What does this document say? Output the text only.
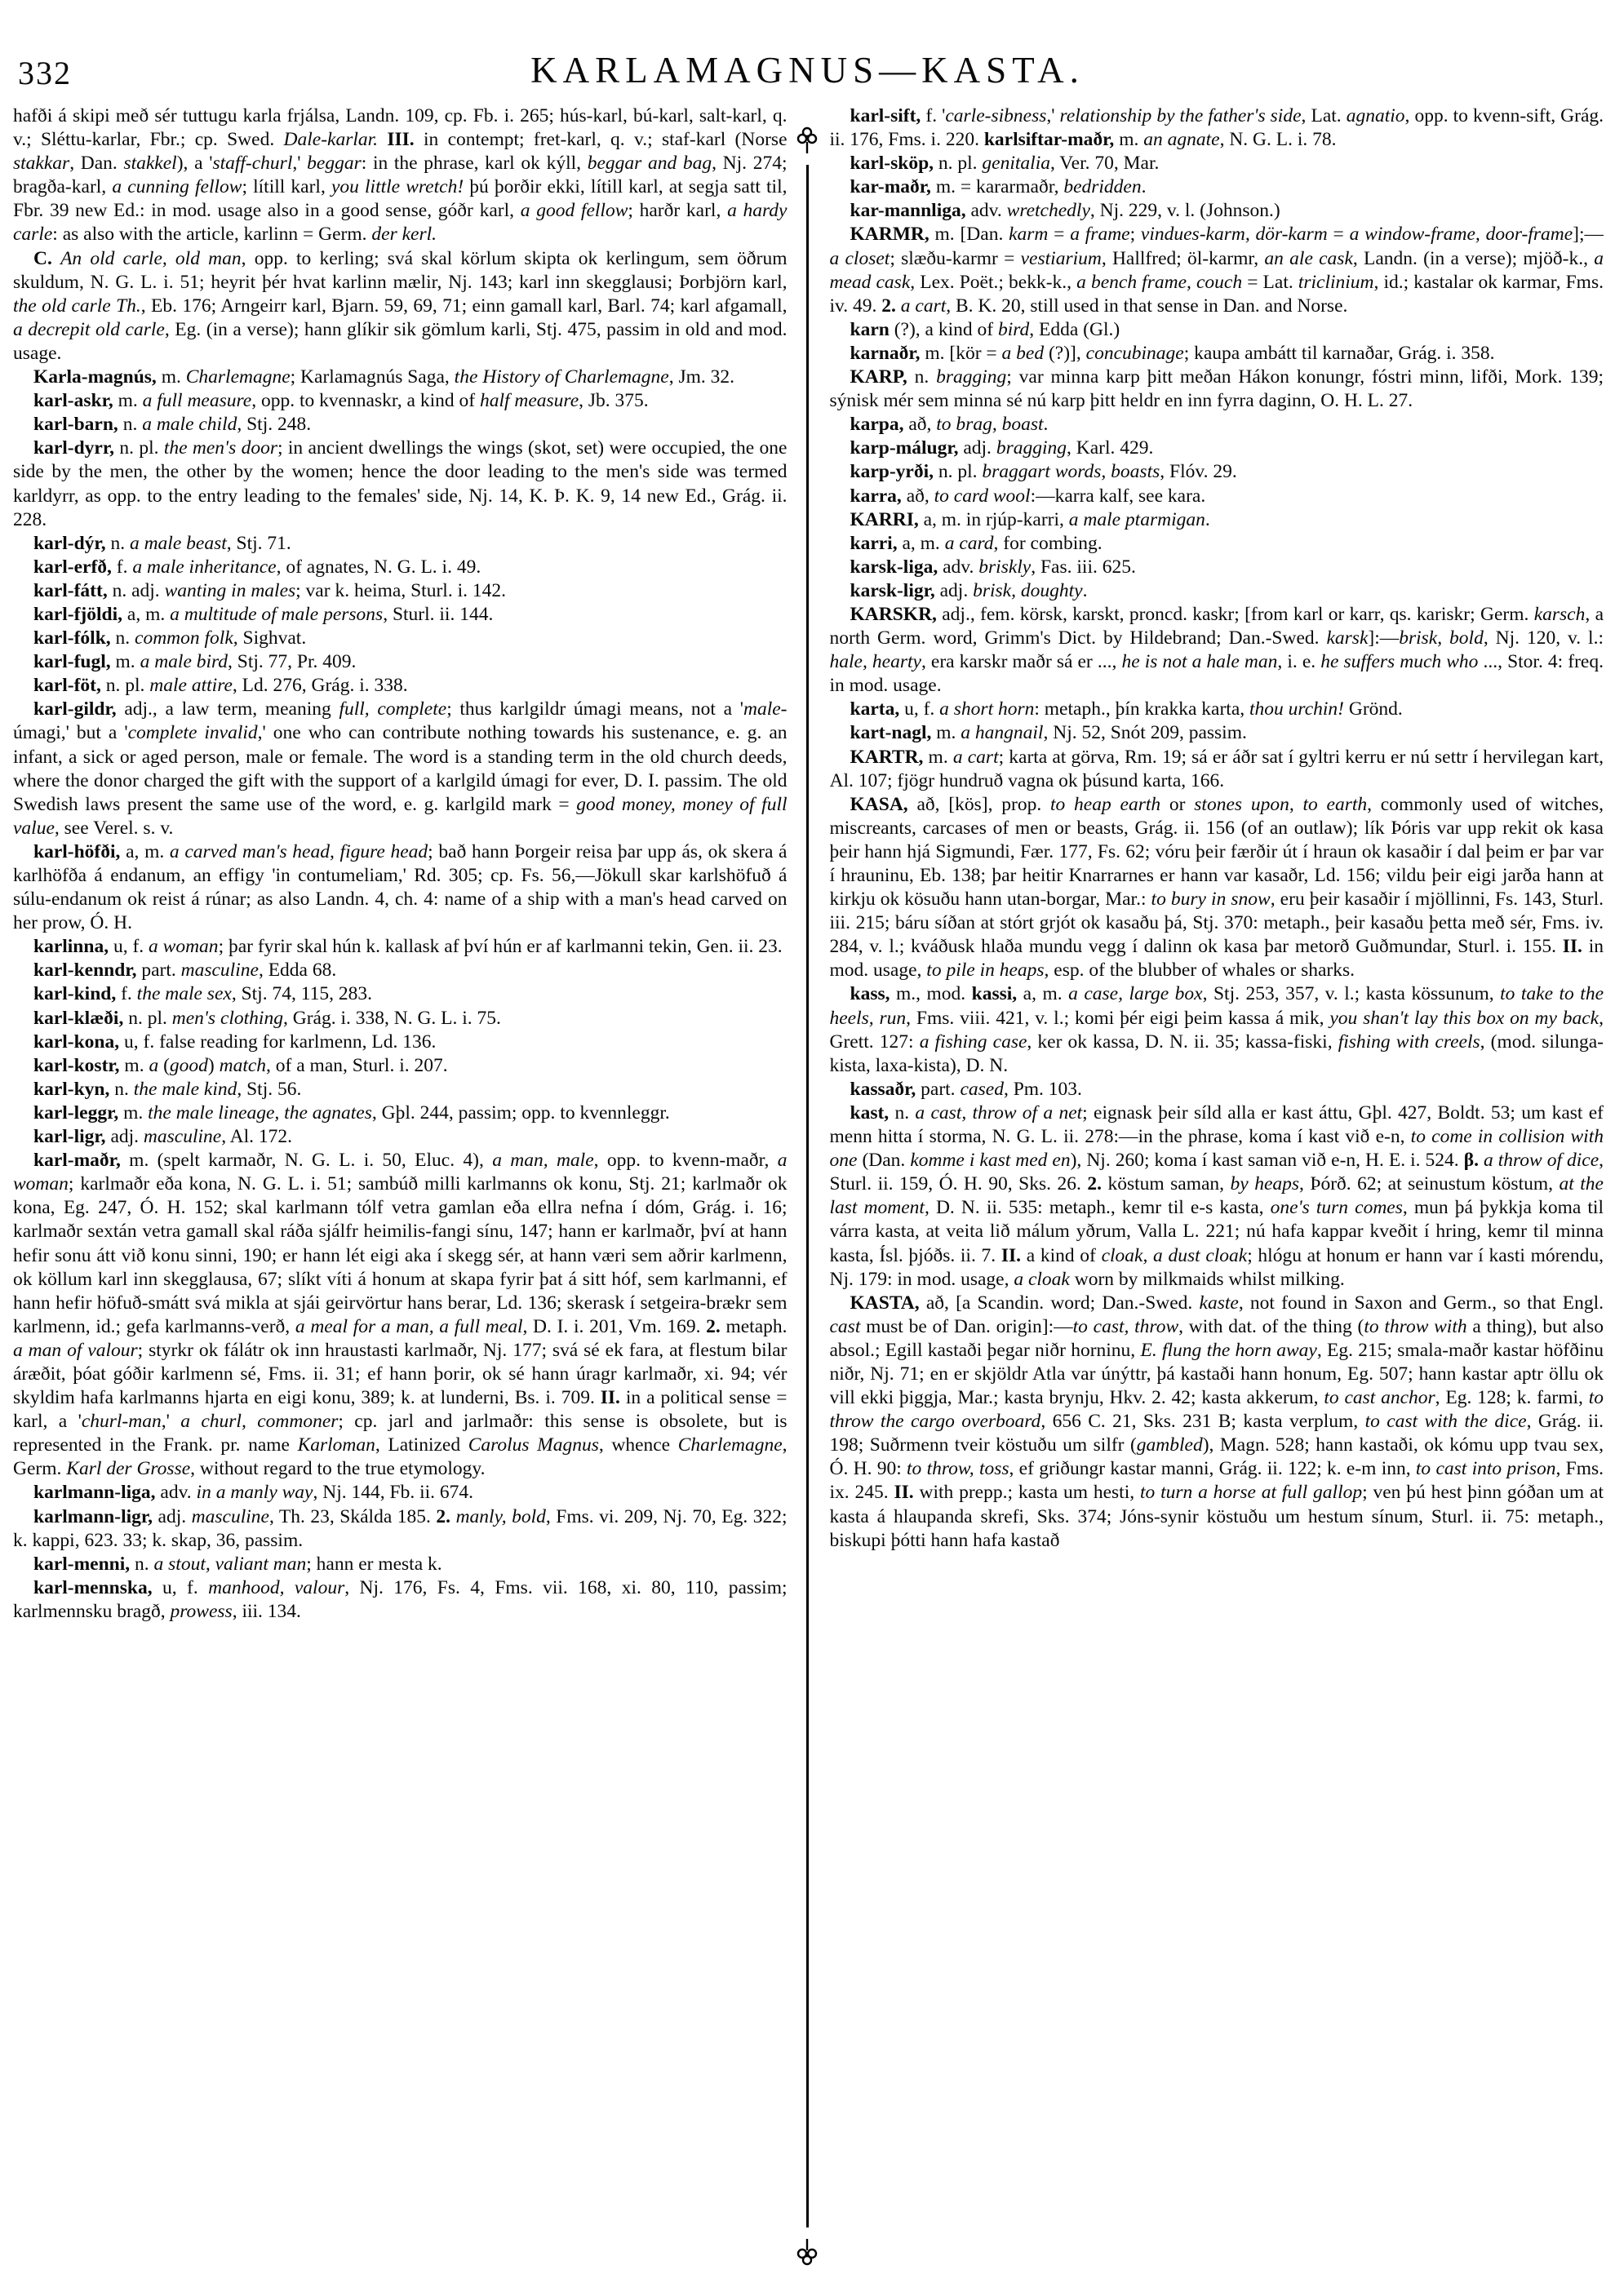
332	KARLAMAGNUS—KASTA.

hafði á skipi með sér tuttugu karla frjálsa, Landn. 109, cp. Fb. i. 265; hús-karl, bú-karl, salt-karl, q. v.; Sléttu-karlar, Fbr.; cp. Swed. Dale-karlar. III. in contempt; fret-karl, q. v.; staf-karl (Norse stakkar, Dan. stakkel), a 'staff-churl,' beggar: in the phrase, karl ok kýll, beggar and bag, Nj. 274; bragða-karl, a cunning fellow; lítill karl, you little wretch! þú þorðir ekki, lítill karl, at segja satt til, Fbr. 39 new Ed.: in mod. usage also in a good sense, góðr karl, a good fellow; harðr karl, a hardy carle: as also with the article, karlinn = Germ. der kerl.

C. An old carle, old man, opp. to kerling; svá skal körlum skipta ok kerlingum, sem öðrum skuldum, N. G. L. i. 51; heyrit þér hvat karlinn mælir, Nj. 143; karl inn skegglausi; Þorbjörn karl, the old carle Th., Eb. 176; Arngeirr karl, Bjarn. 59, 69, 71; einn gamall karl, Barl. 74; karl afgamall, a decrepit old carle, Eg. (in a verse); hann glíkir sik gömlum karli, Stj. 475, passim in old and mod. usage.

Karla-magnús, m. Charlemagne; Karlamagnús Saga, the History of Charlemagne, Jm. 32.

karl-askr, m. a full measure, opp. to kvennaskr, a kind of half measure, Jb. 375.

karl-barn, n. a male child, Stj. 248.

karl-dyrr, n. pl. the men's door; in ancient dwellings the wings (skot, set) were occupied, the one side by the men, the other by the women; hence the door leading to the men's side was termed karldyrr, as opp. to the entry leading to the females' side, Nj. 14, K. Þ. K. 9, 14 new Ed., Grág. ii. 228.

karl-dýr, n. a male beast, Stj. 71.

karl-erfð, f. a male inheritance, of agnates, N. G. L. i. 49.

karl-fátt, n. adj. wanting in males; var k. heima, Sturl. i. 142.

karl-fjöldi, a, m. a multitude of male persons, Sturl. ii. 144.

karl-fólk, n. common folk, Sighvat.

karl-fugl, m. a male bird, Stj. 77, Pr. 409.

karl-föt, n. pl. male attire, Ld. 276, Grág. i. 338.

karl-gildr, adj., a law term, meaning full, complete; thus karlgildr úmagi means, not a 'male-úmagi,' but a 'complete invalid,' one who can contribute nothing towards his sustenance, e. g. an infant, a sick or aged person, male or female. The word is a standing term in the old church deeds, where the donor charged the gift with the support of a karlgild úmagi for ever, D. I. passim. The old Swedish laws present the same use of the word, e. g. karlgild mark = good money, money of full value, see Verel. s. v.

karl-höfði, a, m. a carved man's head, figure head; bað hann Þorgeir reisa þar upp ás, ok skera á karlhöfða á endanum, an effigy 'in contumeliam,' Rd. 305; cp. Fs. 56,—Jökull skar karlshöfuð á súlu-endanum ok reist á rúnar; as also Landn. 4, ch. 4: name of a ship with a man's head carved on her prow, Ó. H.

karlinna, u, f. a woman; þar fyrir skal hún k. kallask af því hún er af karlmanni tekin, Gen. ii. 23.

karl-kenndr, part. masculine, Edda 68.

karl-kind, f. the male sex, Stj. 74, 115, 283.

karl-klæði, n. pl. men's clothing, Grág. i. 338, N. G. L. i. 75.

karl-kona, u, f. false reading for karlmenn, Ld. 136.

karl-kostr, m. a (good) match, of a man, Sturl. i. 207.

karl-kyn, n. the male kind, Stj. 56.

karl-leggr, m. the male lineage, the agnates, Gþl. 244, passim; opp. to kvennleggr.

karl-ligr, adj. masculine, Al. 172.

karl-maðr, m. (spelt karmaðr, N. G. L. i. 50, Eluc. 4), a man, male, opp. to kvenn-maðr, a woman; karlmaðr eða kona, N. G. L. i. 51; sambúð milli karlmanns ok konu, Stj. 21; karlmaðr ok kona, Eg. 247, Ó. H. 152; skal karlmann tólf vetra gamlan eða ellra nefna í dóm, Grág. i. 16; karlmaðr sextán vetra gamall skal ráða sjálfr heimilis-fangi sínu, 147; hann er karlmaðr, því at hann hefir sonu átt við konu sinni, 190; er hann lét eigi aka í skegg sér, at hann væri sem aðrir karlmenn, ok köllum karl inn skegglausa, 67; slíkt víti á honum at skapa fyrir þat á sitt hóf, sem karlmanni, ef hann hefir höfuð-smátt svá mikla at sjái geirvörtur hans berar, Ld. 136; skerask í setgeira-brækr sem karlmenn, id.; gefa karlmanns-verð, a meal for a man, a full meal, D. I. i. 201, Vm. 169. 2. metaph. a man of valour; styrkr ok fálátr ok inn hraustasti karlmaðr, Nj. 177; svá sé ek fara, at flestum bilar áræðit, þóat góðir karlmenn sé, Fms. ii. 31; ef hann þorir, ok sé hann úragr karlmaðr, xi. 94; vér skyldim hafa karlmanns hjarta en eigi konu, 389; k. at lunderni, Bs. i. 709. II. in a political sense = karl, a 'churl-man,' a churl, commoner; cp. jarl and jarlmaðr: this sense is obsolete, but is represented in the Frank. pr. name Karloman, Latinized Carolus Magnus, whence Charlemagne, Germ. Karl der Grosse, without regard to the true etymology.

karlmann-liga, adv. in a manly way, Nj. 144, Fb. ii. 674.

karlmann-ligr, adj. masculine, Th. 23, Skálda 185. 2. manly, bold, Fms. vi. 209, Nj. 70, Eg. 322; k. kappi, 623. 33; k. skap, 36, passim.

karl-menni, n. a stout, valiant man; hann er mesta k.

karl-mennska, u, f. manhood, valour, Nj. 176, Fs. 4, Fms. vii. 168, xi. 80, 110, passim; karlmennsku bragð, prowess, iii. 134.

karl-sift, f. 'carle-sibness,' relationship by the father's side, Lat. agnatio, opp. to kvenn-sift, Grág. ii. 176, Fms. i. 220. karlsiftar-maðr, m. an agnate, N. G. L. i. 78.

karl-sköp, n. pl. genitalia, Ver. 70, Mar.

kar-maðr, m. = kararmaðr, bedridden.

kar-mannliga, adv. wretchedly, Nj. 229, v. l. (Johnson.)

KARMR, m. [Dan. karm = a frame; vindues-karm, dör-karm = a window-frame, door-frame];—a closet; slæðu-karmr = vestiarium, Hallfred; öl-karmr, an ale cask, Landn. (in a verse); mjöð-k., a mead cask, Lex. Poët.; bekk-k., a bench frame, couch = Lat. triclinium, id.; kastalar ok karmar, Fms. iv. 49. 2. a cart, B. K. 20, still used in that sense in Dan. and Norse.

karn (?), a kind of bird, Edda (Gl.)

karnaðr, m. [kör = a bed (?)], concubinage; kaupa ambátt til karnaðar, Grág. i. 358.

KARP, n. bragging; var minna karp þitt meðan Hákon konungr, fóstri minn, lifði, Mork. 139; sýnisk mér sem minna sé nú karp þitt heldr en inn fyrra daginn, O. H. L. 27.

karpa, að, to brag, boast.

karp-málugr, adj. bragging, Karl. 429.

karp-yrði, n. pl. braggart words, boasts, Flóv. 29.

karra, að, to card wool:—karra kalf, see kara.

KARRI, a, m. in rjúp-karri, a male ptarmigan.

karri, a, m. a card, for combing.

karsk-liga, adv. briskly, Fas. iii. 625.

karsk-ligr, adj. brisk, doughty.

KARSKR, adj., fem. körsk, karskt, proncd. kaskr; [from karl or karr, qs. kariskr; Germ. karsch, a north Germ. word, Grimm's Dict. by Hildebrand; Dan.-Swed. karsk]:—brisk, bold, Nj. 120, v. l.: hale, hearty, era karskr maðr sá er ..., he is not a hale man, i. e. he suffers much who ..., Stor. 4: freq. in mod. usage.

karta, u, f. a short horn: metaph., þín krakka karta, thou urchin! Grönd.

kart-nagl, m. a hangnail, Nj. 52, Snót 209, passim.

KARTR, m. a cart; karta at görva, Rm. 19; sá er áðr sat í gyltri kerru er nú settr í hervilegan kart, Al. 107; fjögr hundruð vagna ok þúsund karta, 166.

KASA, að, [kös], prop. to heap earth or stones upon, to earth, commonly used of witches, miscreants, carcases of men or beasts, Grág. ii. 156 (of an outlaw); lík Þóris var upp rekit ok kasa þeir hann hjá Sigmundi, Fær. 177, Fs. 62; vóru þeir færðir út í hraun ok kasaðir í dal þeim er þar var í hrauninu, Eb. 138; þar heitir Knarrarnes er hann var kasaðr, Ld. 156; vildu þeir eigi jarða hann at kirkju ok kösuðu hann utan-borgar, Mar.: to bury in snow, eru þeir kasaðir í mjöllinni, Fs. 143, Sturl. iii. 215; báru síðan at stórt grjót ok kasaðu þá, Stj. 370: metaph., þeir kasaðu þetta með sér, Fms. iv. 284, v. l.; kváðusk hlaða mundu vegg í dalinn ok kasa þar metorð Guðmundar, Sturl. i. 155. II. in mod. usage, to pile in heaps, esp. of the blubber of whales or sharks.

kass, m., mod. kassi, a, m. a case, large box, Stj. 253, 357, v. l.; kasta kössunum, to take to the heels, run, Fms. viii. 421, v. l.; komi þér eigi þeim kassa á mik, you shan't lay this box on my back, Grett. 127: a fishing case, ker ok kassa, D. N. ii. 35; kassa-fiski, fishing with creels, (mod. silunga-kista, laxa-kista), D. N.

kassaðr, part. cased, Pm. 103.

kast, n. a cast, throw of a net; eignask þeir síld alla er kast áttu, Gþl. 427, Boldt. 53; um kast ef menn hitta í storma, N. G. L. ii. 278:—in the phrase, koma í kast við e-n, to come in collision with one (Dan. komme i kast med en), Nj. 260; koma í kast saman við e-n, H. E. i. 524. β. a throw of dice, Sturl. ii. 159, Ó. H. 90, Sks. 26. 2. köstum saman, by heaps, Þórð. 62; at seinustum köstum, at the last moment, D. N. ii. 535: metaph., kemr til e-s kasta, one's turn comes, mun þá þykkja koma til várra kasta, at veita lið málum yðrum, Valla L. 221; nú hafa kappar kveðit í hring, kemr til minna kasta, Ísl. þjóðs. ii. 7. II. a kind of cloak, a dust cloak; hlógu at honum er hann var í kasti mórendu, Nj. 179: in mod. usage, a cloak worn by milkmaids whilst milking.

KASTA, að, [a Scandin. word; Dan.-Swed. kaste, not found in Saxon and Germ., so that Engl. cast must be of Dan. origin]:—to cast, throw, with dat. of the thing (to throw with a thing), but also absol.; Egill kastaði þegar niðr horninu, E. flung the horn away, Eg. 215; smala-maðr kastar höfðinu niðr, Nj. 71; en er skjöldr Atla var únýttr, þá kastaði hann honum, Eg. 507; hann kastar aptr öllu ok vill ekki þiggja, Mar.; kasta brynju, Hkv. 2. 42; kasta akkerum, to cast anchor, Eg. 128; k. farmi, to throw the cargo overboard, 656 C. 21, Sks. 231 B; kasta verplum, to cast with the dice, Grág. ii. 198; Suðrmenn tveir köstuðu um silfr (gambled), Magn. 528; hann kastaði, ok kómu upp tvau sex, Ó. H. 90: to throw, toss, ef griðungr kastar manni, Grág. ii. 122; k. e-m inn, to cast into prison, Fms. ix. 245. II. with prepp.; kasta um hesti, to turn a horse at full gallop; ven þú hest þinn góðan um at kasta á hlaupanda skrefi, Sks. 374; Jóns-synir köstuðu um hestum sínum, Sturl. ii. 75: metaph., biskupi þótti hann hafa kastað
